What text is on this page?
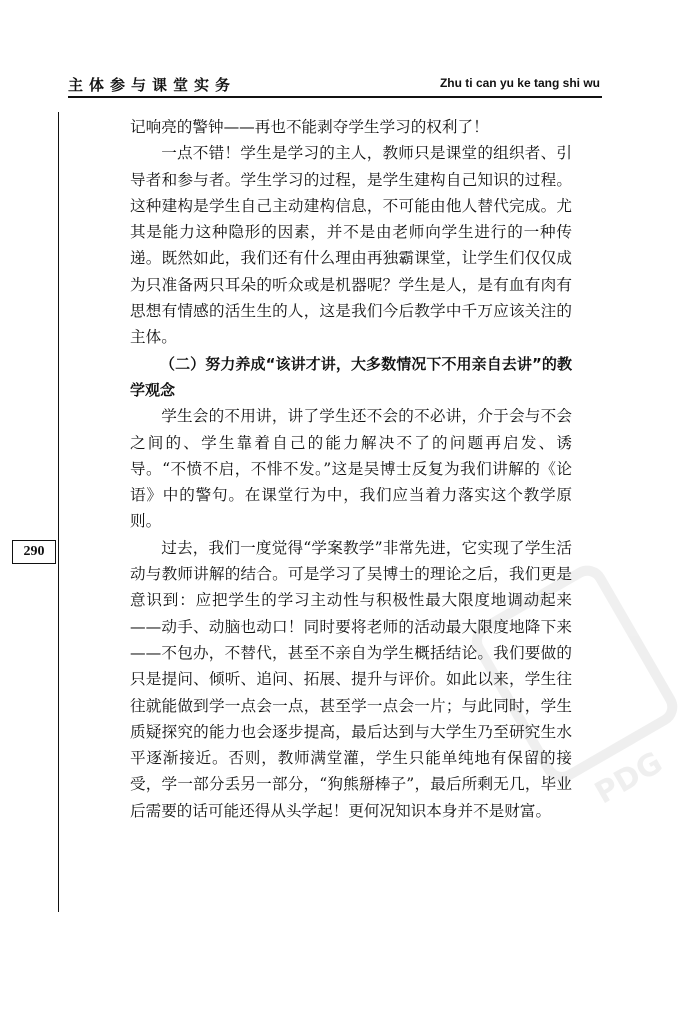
主体参与课堂实务	Zhu ti can yu ke tang shi wu
290

记响亮的警钟——再也不能剥夺学生学习的权利了！

一点不错！学生是学习的主人，教师只是课堂的组织者、引导者和参与者。学生学习的过程，是学生建构自己知识的过程。这种建构是学生自己主动建构信息，不可能由他人替代完成。尤其是能力这种隐形的因素，并不是由老师向学生进行的一种传递。既然如此，我们还有什么理由再独霸课堂，让学生们仅仅成为只准备两只耳朵的听众或是机器呢？学生是人，是有血有肉有思想有情感的活生生的人，这是我们今后教学中千万应该关注的主体。

（二）努力养成“该讲才讲，大多数情况下不用亲自去讲”的教学观念

学生会的不用讲，讲了学生还不会的不必讲，介于会与不会之间的、学生靠着自己的能力解决不了的问题再启发、诱导。“不愤不启，不悱不发。”这是吴博士反复为我们讲解的《论语》中的警句。在课堂行为中，我们应当着力落实这个教学原则。

过去，我们一度觉得“学案教学”非常先进，它实现了学生活动与教师讲解的结合。可是学习了吴博士的理论之后，我们更是意识到：应把学生的学习主动性与积极性最大限度地调动起来——动手、动脑也动口！同时要将老师的活动最大限度地降下来——不包办，不替代，甚至不亲自为学生概括结论。我们要做的只是提问、倾听、追问、拓展、提升与评价。如此以来，学生往往就能做到学一点会一点，甚至学一点会一片；与此同时，学生质疑探究的能力也会逐步提高，最后达到与大学生乃至研究生水平逐渐接近。否则，教师满堂灌，学生只能单纯地有保留的接受，学一部分丢另一部分，“狗熊掰棒子”，最后所剩无几，毕业后需要的话可能还得从头学起！更何况知识本身并不是财富。	PDG
